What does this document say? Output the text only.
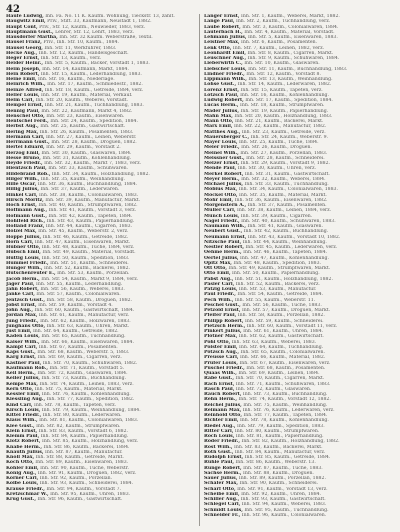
42

Haufe Ludwig, Inh. Fa. No. 11 K. Kaufm. Wohnung, Tieckstr. 13, zahlt.

Haugwitz Emil, Priv., Stift. 33, Kaufmann, Neustadt 1, 1882.

Haupt Cont, Priv., Str. 12, Kaufm., Neuwieder, 1883, verz.

Hauptmann Gust., Lehrer, Str. 12, Lehrt, 1883, verz.

Hausdörfer Martha, Inh. Str. 32 Kaufm. Weberstraße, Textil.

Hausel Franz, Priv., Inh. Str. 10, Kaufm., 1884.

Hausel Georg, Inh. Str. 11, Werkführer, 1883.

Hecke Aug., Inh. Str. 12, Kaufm., Handelsgeschäft.

Heger Ernst, Inh. Str. 13, Kaufm., verz.

Heider Heinr., Inh. Str. 5, Kaufm., Bäcker, Vorstadt 1, 1883.

Heim Joseph, Inh. Str. 14, Kaufmann, Markt, 1884.

Hein Robert, Inh. Str. 15, Kaufm., Lederhandlung, 1883.

Heine Emil, Inh. Str. 16, Kaufm., Niederlage.

Heinrich Wilh., Inh. Str. 17, Kaufm., Schmiedestr., 1882.

Heinze Alfred, Inh. Str. 18, Kaufm., Getreide, 1884, verz.

Heller Louis, Inh. Str. 19, Kaufm., Material, Verkauf.

Helm Carl, Inh. Str. 20, Kaufm., Weberei, Vorstadt.

Hempel Ernst, Inh. Str. 21, Kaufm., Tuchhandlung, 1883.

Hennig Paul, Inh. Str. 22, Kaufmann, Markt 4, 1882.

Henschel Otto, Inh. Str. 23, Kaufm., Eisenwaren.

Hentschel Ferd., Inh. Str. 24, Kaufm., Spedition, 1884.

Herbst Aug., Inh. Str. 25, Kaufm., Gastwirtschaft.

Hering Max, Inh. Str. 26, Kaufm., Posamenten, 1883.

Hermann Carl, Inh. Str. 27, Kaufm., Leinen, Weberstr.

Herrmann Gust., Inh. Str. 28, Kaufm., Droguen, 1882.

Hertel Eduard, Inh. Str. 29, Kaufm., Vorstadt 2.

Herzog Emil, Inh. Str. 30, Kaufm., Glaswaren, 1884.

Hesse Bruno, Inh. Str. 31, Kaufm., Kohlenhandlung.

Heyde Friedr., Inh. Str. 32, Kaufm., Markt 7, 1883, verz.

Hientzsch Paul, Inh. Str. 33, Kaufm., Schuhwaren.

Hildebrand Rob., Inh. Str. 34, Kaufm., Holzhandlung, 1882.

Hilger Wilh., Inh. Str. 35, Kaufm., Weinhandlung.

Hille Oscar, Inh. Str. 36, Kaufm., Buchhandlung, 1884.

Hillig Julius, Inh. Str. 37, Kaufm., Lederwaren.

Hinkel Carl, Inh. Str. 38, Kaufm., Colonialwaren, 1883.

Hirsch Moritz, Inh. Str. 39, Kaufm., Manufactur, Markt.

Hoch Ernst, Inh. Str. 40, Kaufm., Strumpfwaren, 1882.

Hoffmann Aug., Inh. Str. 41, Kaufm., Vorstadt 3, verz.

Hofmann Gust., Inh. Str. 42, Kaufm., Tapeten, 1884.

Hohlfeld Rich., Inh. Str. 43, Kaufm., Papierhandlung.

Holland Franz, Inh. Str. 44, Kaufm., Cigarren, 1883.

Hölzel Max, Inh. Str. 45, Kaufm., Weberstr. 2, verz.

Hoppe Julius, Inh. Str. 46, Kaufm., Getreide, 1882.

Horn Carl, Inh. Str. 47, Kaufm., Eisenwaren, Markt.

Hübner Otto, Inh. Str. 48, Kaufm., Tuche, 1884, verz.

Hübsch Emil, Inh. Str. 49, Kaufm., Material, Vorstadt.

Hüttig Louis, Inh. Str. 50, Kaufm., Spedition, 1883.

Hummel Friedr., Inh. Str. 51, Kaufm., Schneiderei.

Hunger Wilh., Inh. Str. 52, Kaufm., Bäckerei, 1882.

Hutschenreuter E., Inh. Str. 53, Kaufm., Porzellan.

Jacob Herm., Inh. Str. 54, Kaufm., Markt 9, 1884, verz.

Jäger Paul, Inh. Str. 55, Kaufm., Lederhandlung.

Jahn Robert, Inh. Str. 56, Kaufm., Weberei, 1883.

Janke Carl, Inh. Str. 57, Kaufm., Colonialwaren.

Jentzsch Gust., Inh. Str. 58, Kaufm., Droguen, 1882.

Jobst Ernst, Inh. Str. 59, Kaufm., Vorstadt 4.

John Aug., Inh. Str. 60, Kaufm., Gastwirtschaft, 1884.

Jordan Max, Inh. Str. 61, Kaufm., Manufactur, verz.

Jung Friedr., Inh. Str. 62, Kaufm., Holzwaren, 1883.

Junghans Otto, Inh. Str. 63, Kaufm., Uhren, Markt.

Just Emil, Inh. Str. 64, Kaufm., Getreide, 1882.

Kaden Louis, Inh. Str. 65, Kaufm., Tuchhandlung.

Kaiser Wilh., Inh. Str. 66, Kaufm., Eisenwaren, 1884.

Kämpf Carl, Inh. Str. 67, Kaufm., Posamenten.

Kaps Gust., Inh. Str. 68, Kaufm., Weberstr. 5, 1883.

Karg Ernst, Inh. Str. 69, Kaufm., Cigarren, verz.

Kästner Paul, Inh. Str. 70, Kaufm., Schuhwaren, 1882.

Kaufmann Rob., Inh. Str. 71, Kaufm., Vorstadt 5.

Keil Herm., Inh. Str. 72, Kaufm., Glaswaren, 1884.

Keller Julius, Inh. Str. 73, Kaufm., Buchhandlung.

Kempe Max, Inh. Str. 74, Kaufm., Leinen, 1883, verz.

Kern Otto, Inh. Str. 75, Kaufm., Material, Markt.

Kessler Emil, Inh. Str. 76, Kaufm., Kohlenhandlung.

Kiessling Aug., Inh. Str. 77, Kaufm., Spedition, 1882.

Kind Carl, Inh. Str. 78, Kaufm., Tapeten, verz.

Kirsch Louis, Inh. Str. 79, Kaufm., Weinhandlung, 1884.

Kittel Friedr., Inh. Str. 80, Kaufm., Lederwaren.

Klaus Wilh., Inh. Str. 81, Kaufm., Colonialwaren, 1883.

Klee Gust., Inh. Str. 82, Kaufm., Strumpfwaren.

Klein Ernst, Inh. Str. 83, Kaufm., Vorstadt 6, 1882.

Klemm Paul, Inh. Str. 84, Kaufm., Papierhandlung.

Klotz Robert, Inh. Str. 85, Kaufm., Holzhandlung, verz.

Knabe Herm., Inh. Str. 86, Kaufm., Bäckerei, 1884.

Knauth Julius, Inh. Str. 87, Kaufm., Manufactur.

Knoll Max, Inh. Str. 88, Kaufm., Getreide, Markt.

Koch Otto, Inh. Str. 89, Kaufm., Eisenwaren, 1883.

Köhler Emil, Inh. Str. 90, Kaufm., Tuche, Weberstr.

König Aug., Inh. Str. 91, Kaufm., Droguen, 1882, verz.

Körner Carl, Inh. Str. 92, Kaufm., Porzellan.

Kolbe Louis, Inh. Str. 93, Kaufm., Schneiderei, 1884.

Krause Friedr., Inh. Str. 94, Kaufm., Vorstadt 7.

Kretzschmar W., Inh. Str. 95, Kaufm., Uhren, 1883.

Krug Gust., Inh. Str. 96, Kaufm., Gastwirtschaft.

Langer Ernst, Inh. Str. 1, Kaufm., Weberei, Markt, 1882.

Lange Paul, Inh. Str. 2, Kaufm., Tuchhandlung, verz.

Laube Robert, Inh. Str. 3, Kaufm., Colonialwaren, 1884.

Lauterbach H., Inh. Str. 4, Kaufm., Material, Vorstadt.

Lehmann Julius, Inh. Str. 5, Kaufm., Eisenwaren, 1883.

Leistner Max, Inh. Str. 6, Kaufm., Posamenten.

Lenk Otto, Inh. Str. 7, Kaufm., Leinen, 1882, verz.

Leonhardt Emil, Inh. Str. 8, Kaufm., Cigarren, Markt.

Leuschner Aug., Inh. Str. 9, Kaufm., Schuhwaren, 1884.

Lieberwirth C., Inh. Str. 10, Kaufm., Glaswaren.

Liebscher Louis, Inh. Str. 11, Kaufm., Buchhandlung, 1883.

Lindner Friedr., Inh. Str. 12, Kaufm., Vorstadt 8.

Lippmann Wilh., Inh. Str. 13, Kaufm., Weinhandlung.

Lohse Gust., Inh. Str. 14, Kaufm., Lederwaren, 1882.

Lorenz Ernst, Inh. Str. 15, Kaufm., Tapeten, verz.

Lötzsch Paul, Inh. Str. 16, Kaufm., Kohlenhandlung.

Ludwig Robert, Inh. Str. 17, Kaufm., Spedition, 1884.

Lucas Herm., Inh. Str. 18, Kaufm., Strumpfwaren.

Mäder Julius, Inh. Str. 19, Kaufm., Papierhandlung.

Mahn Max, Inh. Str. 20, Kaufm., Holzhandlung, 1883.

Mann Otto, Inh. Str. 21, Kaufm., Bäckerei, Markt.

Marx Emil, Inh. Str. 22, Kaufm., Manufactur, 1882.

Matthes Aug., Inh. Str. 23, Kaufm., Getreide, verz.

Mauersberger C., Inh. Str. 24, Kaufm., Weberstr. 9.

Mayer Louis, Inh. Str. 25, Kaufm., Tuche, 1884.

Meier Friedr., Inh. Str. 26, Kaufm., Droguen.

Meinel Wilh., Inh. Str. 27, Kaufm., Porzellan, 1883.

Meissner Gust., Inh. Str. 28, Kaufm., Schneiderei.

Melzer Ernst, Inh. Str. 29, Kaufm., Vorstadt 9, 1882.

Mende Paul, Inh. Str. 30, Kaufm., Uhren, verz.

Merkel Robert, Inh. Str. 31, Kaufm., Gastwirtschaft.

Meyer Herm., Inh. Str. 32, Kaufm., Weberei, 1884.

Michael Julius, Inh. Str. 33, Kaufm., Tuchhandlung.

Möbius Max, Inh. Str. 34, Kaufm., Colonialwaren, 1883.

Möckel Otto, Inh. Str. 35, Kaufm., Material, Markt.

Mohr Emil, Inh. Str. 36, Kaufm., Eisenwaren, 1882.

Morgenstern A., Inh. Str. 37, Kaufm., Posamenten.

Müller Carl, Inh. Str. 38, Kaufm., Leinen, 1884, verz.

Münch Louis, Inh. Str. 39, Kaufm., Cigarren.

Nagel Friedr., Inh. Str. 40, Kaufm., Schuhwaren, 1883.

Naumann Wilh., Inh. Str. 41, Kaufm., Glaswaren.

Neubert Gust., Inh. Str. 42, Kaufm., Buchhandlung.

Neumann Ernst, Inh. Str. 43, Kaufm., Vorstadt 10, 1882.

Nitzsche Paul, Inh. Str. 44, Kaufm., Weinhandlung.

Nestler Robert, Inh. Str. 45, Kaufm., Lederwaren, verz.

Oehme Herm., Inh. Str. 46, Kaufm., Tapeten, 1884.

Oertel Julius, Inh. Str. 47, Kaufm., Kohlenhandlung.

Opitz Max, Inh. Str. 48, Kaufm., Spedition, 1883.

Ott Otto, Inh. Str. 49, Kaufm., Strumpfwaren, Markt.

Otto Emil, Inh. Str. 50, Kaufm., Papierhandlung.

Pabst Aug., Inh. Str. 51, Kaufm., Holzhandlung, 1882.

Päsler Carl, Inh. Str. 52, Kaufm., Bäckerei, verz.

Patzig Louis, Inh. Str. 53, Kaufm., Manufactur.

Paul Friedr., Inh. Str. 54, Kaufm., Getreide, 1884.

Pech Wilh., Inh. Str. 55, Kaufm., Weberstr. 11.

Peschel Gust., Inh. Str. 56, Kaufm., Tuche, 1883.

Petzold Ernst, Inh. Str. 57, Kaufm., Droguen, Markt.

Pfeifer Paul, Inh. Str. 58, Kaufm., Porzellan, 1882.

Philipp Robert, Inh. Str. 59, Kaufm., Schneiderei.

Pietzsch Herm., Inh. Str. 60, Kaufm., Vorstadt 11, verz.

Pinkert Julius, Inh. Str. 61, Kaufm., Uhren, 1884.

Plötner Max, Inh. Str. 62, Kaufm., Gastwirtschaft.

Pohl Otto, Inh. Str. 63, Kaufm., Weberei, 1883.

Polster Emil, Inh. Str. 64, Kaufm., Tuchhandlung.

Pötzsch Aug., Inh. Str. 65, Kaufm., Colonialwaren.

Preusse Carl, Inh. Str. 66, Kaufm., Material, 1882.

Prüfer Louis, Inh. Str. 67, Kaufm., Eisenwaren, verz.

Püschel Friedr., Inh. Str. 68, Kaufm., Posamenten.

Quaas Wilh., Inh. Str. 69, Kaufm., Leinen, 1884.

Rabe Gust., Inh. Str. 70, Kaufm., Cigarren, Markt.

Rach Ernst, Inh. Str. 71, Kaufm., Schuhwaren, 1883.

Rasch Paul, Inh. Str. 72, Kaufm., Glaswaren.

Rauch Robert, Inh. Str. 73, Kaufm., Buchhandlung.

Rehn Herm., Inh. Str. 74, Kaufm., Vorstadt 12, 1882.

Reichel Julius, Inh. Str. 75, Kaufm., Weinhandlung.

Reimann Max, Inh. Str. 76, Kaufm., Lederwaren, verz.

Reinhold Otto, Inh. Str. 77, Kaufm., Tapeten, 1884.

Richter Emil, Inh. Str. 78, Kaufm., Kohlenhandlung.

Riedel Aug., Inh. Str. 79, Kaufm., Spedition, 1883.

Ritter Carl, Inh. Str. 80, Kaufm., Strumpfwaren.

Roch Louis, Inh. Str. 81, Kaufm., Papierhandlung.

Röder Friedr., Inh. Str. 82, Kaufm., Holzhandlung, 1882.

Rost Wilh., Inh. Str. 83, Kaufm., Bäckerei, Markt.

Roth Gust., Inh. Str. 84, Kaufm., Manufactur, verz.

Rudolph Ernst, Inh. Str. 85, Kaufm., Getreide, 1884.

Rühle Paul, Inh. Str. 86, Kaufm., Weberstr. 13.

Runge Robert, Inh. Str. 87, Kaufm., Tuche, 1883.

Sachse Herm., Inh. Str. 88, Kaufm., Droguen.

Sauer Julius, Inh. Str. 89, Kaufm., Porzellan, 1882.

Schäfer Max, Inh. Str. 90, Kaufm., Schneiderei.

Scharf Otto, Inh. Str. 91, Kaufm., Vorstadt 13, verz.

Scheibe Emil, Inh. Str. 92, Kaufm., Uhren, 1884.

Schiller Aug., Inh. Str. 93, Kaufm., Gastwirtschaft.

Schlegel Carl, Inh. Str. 94, Kaufm., Weberei, 1883.

Schmidt Louis, Inh. Str. 95, Kaufm., Tuchhandlung.

Schneider Fr., Inh. Str. 96, Kaufm., Colonialwaren.
